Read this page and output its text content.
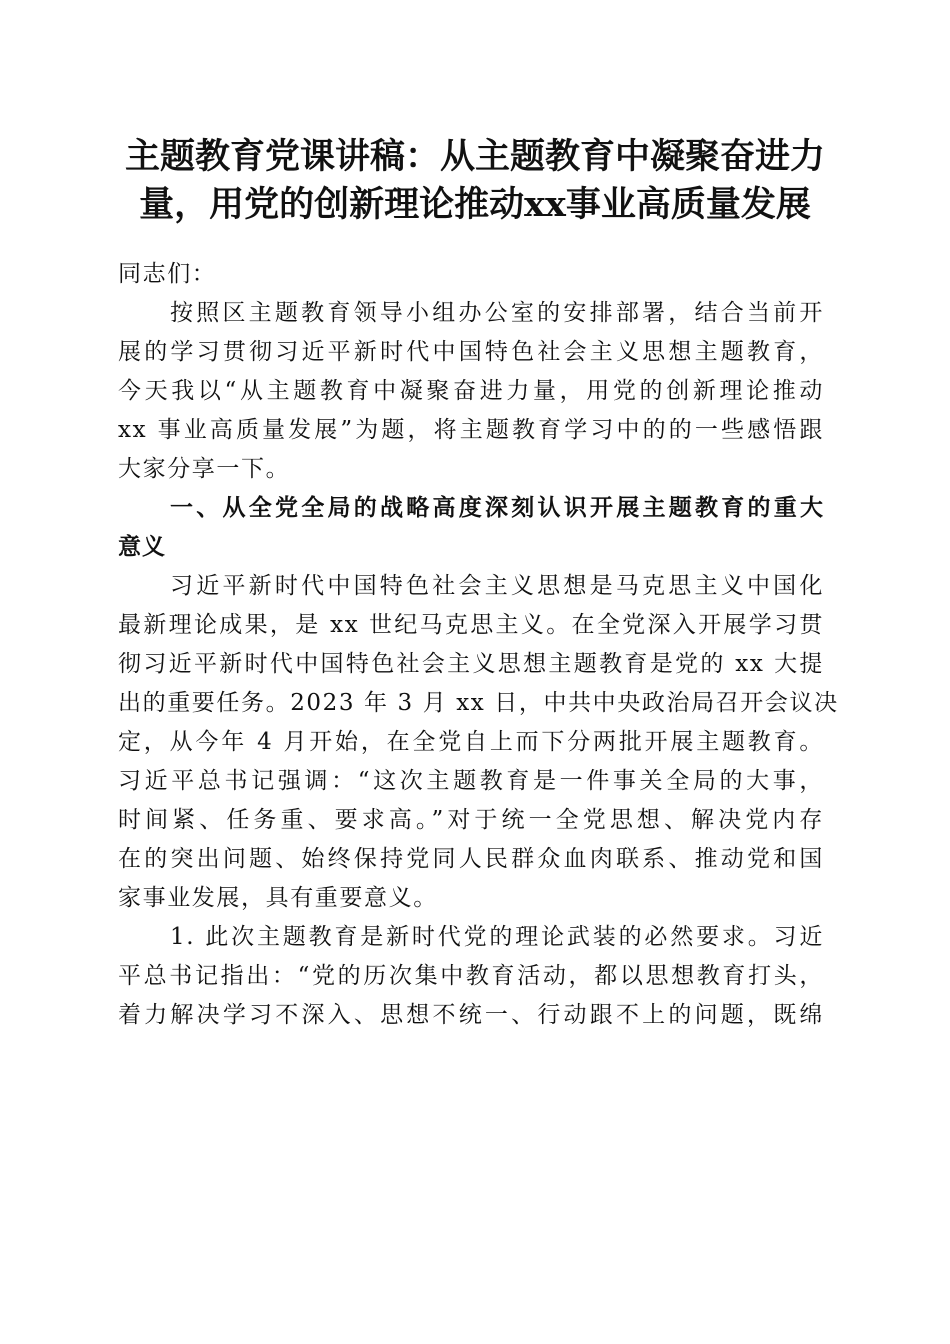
主题教育党课讲稿：从主题教育中凝聚奋进力
量，用党的创新理论推动xx事业高质量发展
同志们：
按照区主题教育领导小组办公室的安排部署，结合当前开
展的学习贯彻习近平新时代中国特色社会主义思想主题教育，
今天我以“从主题教育中凝聚奋进力量，用党的创新理论推动
xx 事业高质量发展”为题，将主题教育学习中的的一些感悟跟
大家分享一下。
一、从全党全局的战略高度深刻认识开展主题教育的重大
意义
习近平新时代中国特色社会主义思想是马克思主义中国化
最新理论成果，是 xx 世纪马克思主义。在全党深入开展学习贯
彻习近平新时代中国特色社会主义思想主题教育是党的 xx 大提
出的重要任务。2023 年 3 月 xx 日，中共中央政治局召开会议决
定，从今年 4 月开始，在全党自上而下分两批开展主题教育。
习近平总书记强调：“这次主题教育是一件事关全局的大事，
时间紧、任务重、要求高。”对于统一全党思想、解决党内存
在的突出问题、始终保持党同人民群众血肉联系、推动党和国
家事业发展，具有重要意义。
1. 此次主题教育是新时代党的理论武装的必然要求。习近
平总书记指出：“党的历次集中教育活动，都以思想教育打头，
着力解决学习不深入、思想不统一、行动跟不上的问题，既绵
